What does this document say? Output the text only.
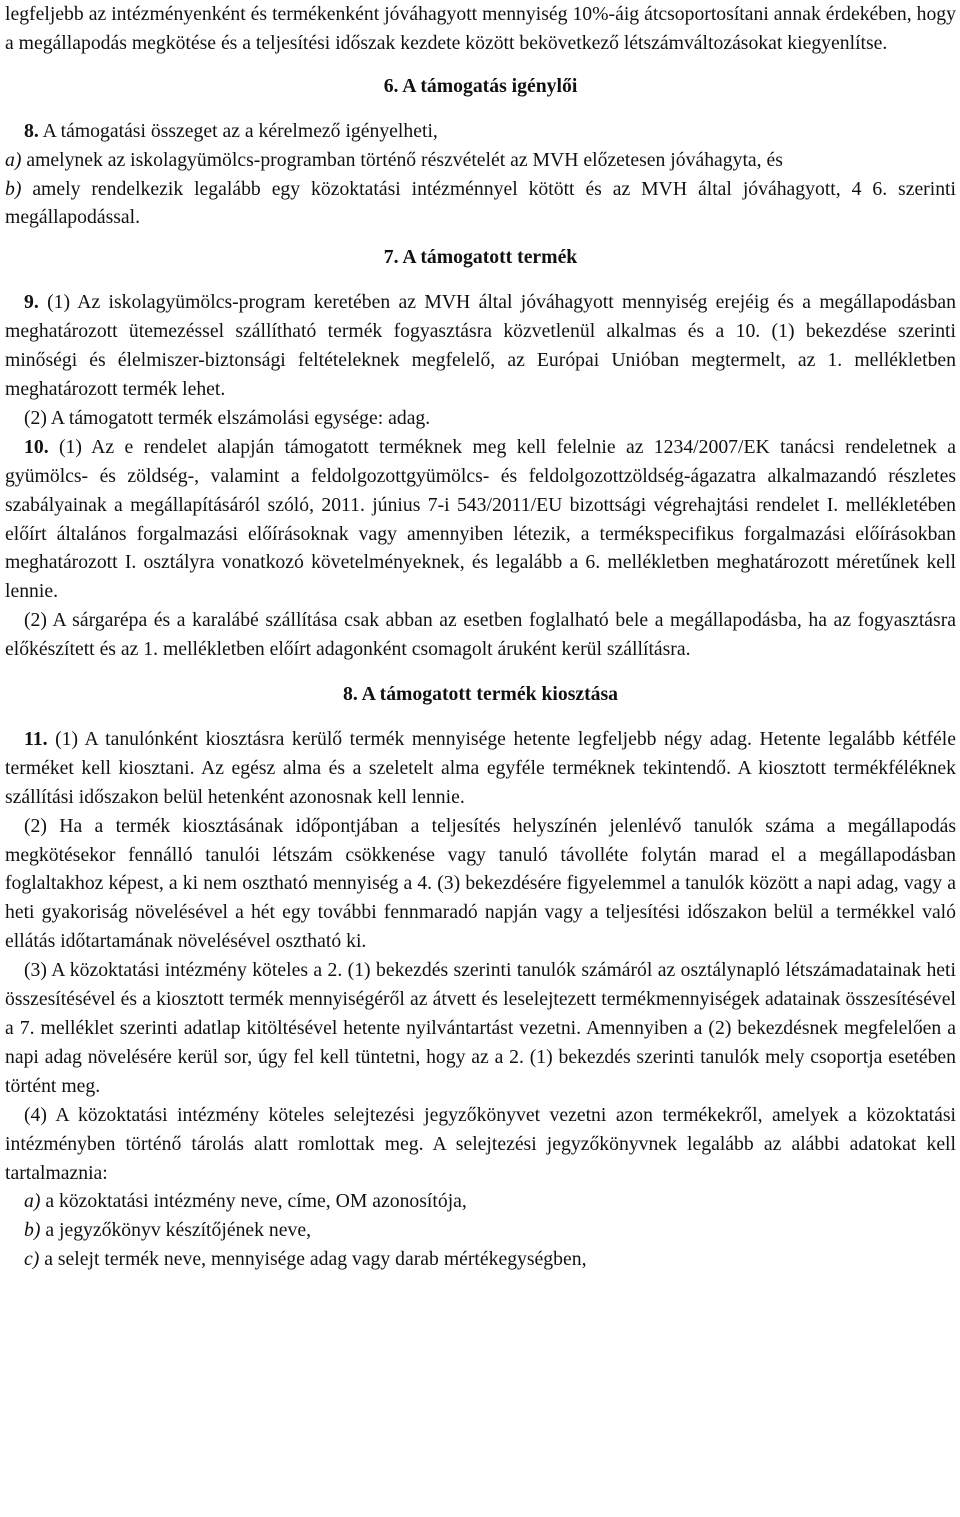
legfeljebb az intézményenként és termékenként jóváhagyott mennyiség 10%-áig átcsoportosítani annak érdekében, hogy a megállapodás megkötése és a teljesítési időszak kezdete között bekövetkező létszámváltozásokat kiegyenlítse.

6. A támogatás igénylői

8. A támogatási összeget az a kérelmező igényelheti,

a) amelynek az iskolagyümölcs-programban történő részvételét az MVH előzetesen jóváhagyta, és

b) amely rendelkezik legalább egy közoktatási intézménnyel kötött és az MVH által jóváhagyott, 4 6. szerinti megállapodással.

7. A támogatott termék

9. (1) Az iskolagyümölcs-program keretében az MVH által jóváhagyott mennyiség erejéig és a megállapodásban meghatározott ütemezéssel szállítható termék fogyasztásra közvetlenül alkalmas és a 10. (1) bekezdése szerinti minőségi és élelmiszer-biztonsági feltételeknek megfelelő, az Európai Unióban megtermelt, az 1. mellékletben meghatározott termék lehet.

(2) A támogatott termék elszámolási egysége: adag.

10. (1) Az e rendelet alapján támogatott terméknek meg kell felelnie az 1234/2007/EK tanácsi rendeletnek a gyümölcs- és zöldség-, valamint a feldolgozottgyümölcs- és feldolgozottzöldség-ágazatra alkalmazandó részletes szabályainak a megállapításáról szóló, 2011. június 7-i 543/2011/EU bizottsági végrehajtási rendelet I. mellékletében előírt általános forgalmazási előírásoknak vagy amennyiben létezik, a termékspecifikus forgalmazási előírásokban meghatározott I. osztályra vonatkozó követelményeknek, és legalább a 6. mellékletben meghatározott méretűnek kell lennie.

(2) A sárgarépa és a karalábé szállítása csak abban az esetben foglalható bele a megállapodásba, ha az fogyasztásra előkészített és az 1. mellékletben előírt adagonként csomagolt áruként kerül szállításra.

8. A támogatott termék kiosztása

11. (1) A tanulónként kiosztásra kerülő termék mennyisége hetente legfeljebb négy adag. Hetente legalább kétféle terméket kell kiosztani. Az egész alma és a szeletelt alma egyféle terméknek tekintendő. A kiosztott termékféléknek szállítási időszakon belül hetenként azonosnak kell lennie.

(2) Ha a termék kiosztásának időpontjában a teljesítés helyszínén jelenlévő tanulók száma a megállapodás megkötésekor fennálló tanulói létszám csökkenése vagy tanuló távolléte folytán marad el a megállapodásban foglaltakhoz képest, a ki nem osztható mennyiség a 4. (3) bekezdésére figyelemmel a tanulók között a napi adag, vagy a heti gyakoriság növelésével a hét egy további fennmaradó napján vagy a teljesítési időszakon belül a termékkel való ellátás időtartamának növelésével osztható ki.

(3) A közoktatási intézmény köteles a 2. (1) bekezdés szerinti tanulók számáról az osztálynapló létszámadatainak heti összesítésével és a kiosztott termék mennyiségéről az átvett és leselejtezett termékmennyiségek adatainak összesítésével a 7. melléklet szerinti adatlap kitöltésével hetente nyilvántartást vezetni. Amennyiben a (2) bekezdésnek megfelelően a napi adag növelésére kerül sor, úgy fel kell tüntetni, hogy az a 2. (1) bekezdés szerinti tanulók mely csoportja esetében történt meg.

(4) A közoktatási intézmény köteles selejtezési jegyzőkönyvet vezetni azon termékekről, amelyek a közoktatási intézményben történő tárolás alatt romlottak meg. A selejtezési jegyzőkönyvnek legalább az alábbi adatokat kell tartalmaznia:

a) a közoktatási intézmény neve, címe, OM azonosítója,

b) a jegyzőkönyv készítőjének neve,

c) a selejt termék neve, mennyisége adag vagy darab mértékegységben,
